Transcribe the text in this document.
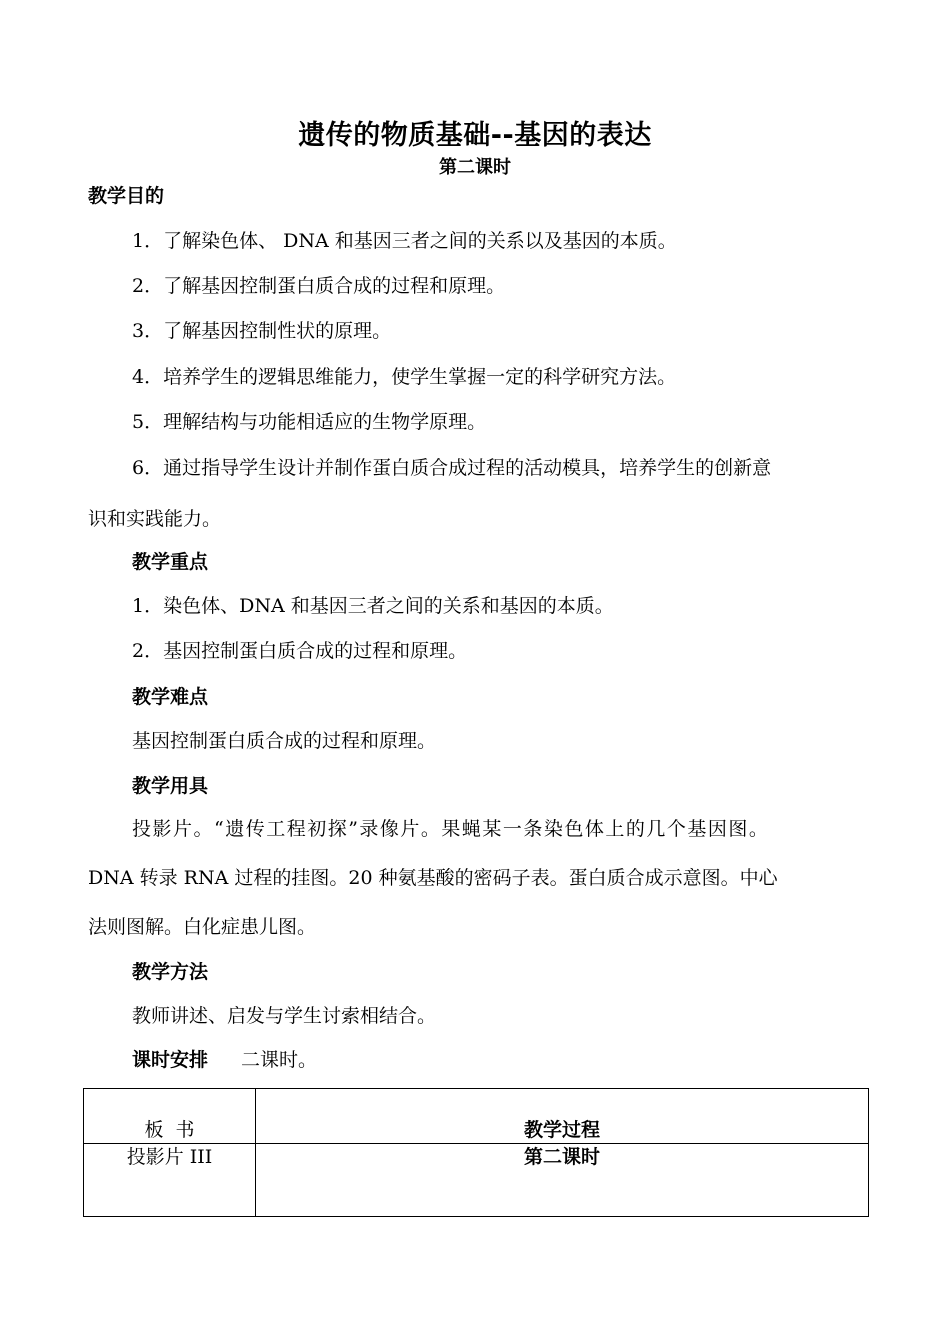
遗传的物质基础--基因的表达
第二课时
教学目的
1．了解染色体、 DNA 和基因三者之间的关系以及基因的本质。
2．了解基因控制蛋白质合成的过程和原理。
3．了解基因控制性状的原理。
4．培养学生的逻辑思维能力，使学生掌握一定的科学研究方法。
5．理解结构与功能相适应的生物学原理。
6．通过指导学生设计并制作蛋白质合成过程的活动模具，培养学生的创新意
识和实践能力。
教学重点
1．染色体、DNA 和基因三者之间的关系和基因的本质。
2．基因控制蛋白质合成的过程和原理。
教学难点
基因控制蛋白质合成的过程和原理。
教学用具
投影片。“遗传工程初探”录像片。果蝇某一条染色体上的几个基因图。
DNA 转录 RNA 过程的挂图。20 种氨基酸的密码子表。蛋白质合成示意图。中心
法则图解。白化症患儿图。
教学方法
教师讲述、启发与学生讨索相结合。
课时安排 二课时。
板  书	教学过程
投影片 III	第二课时
